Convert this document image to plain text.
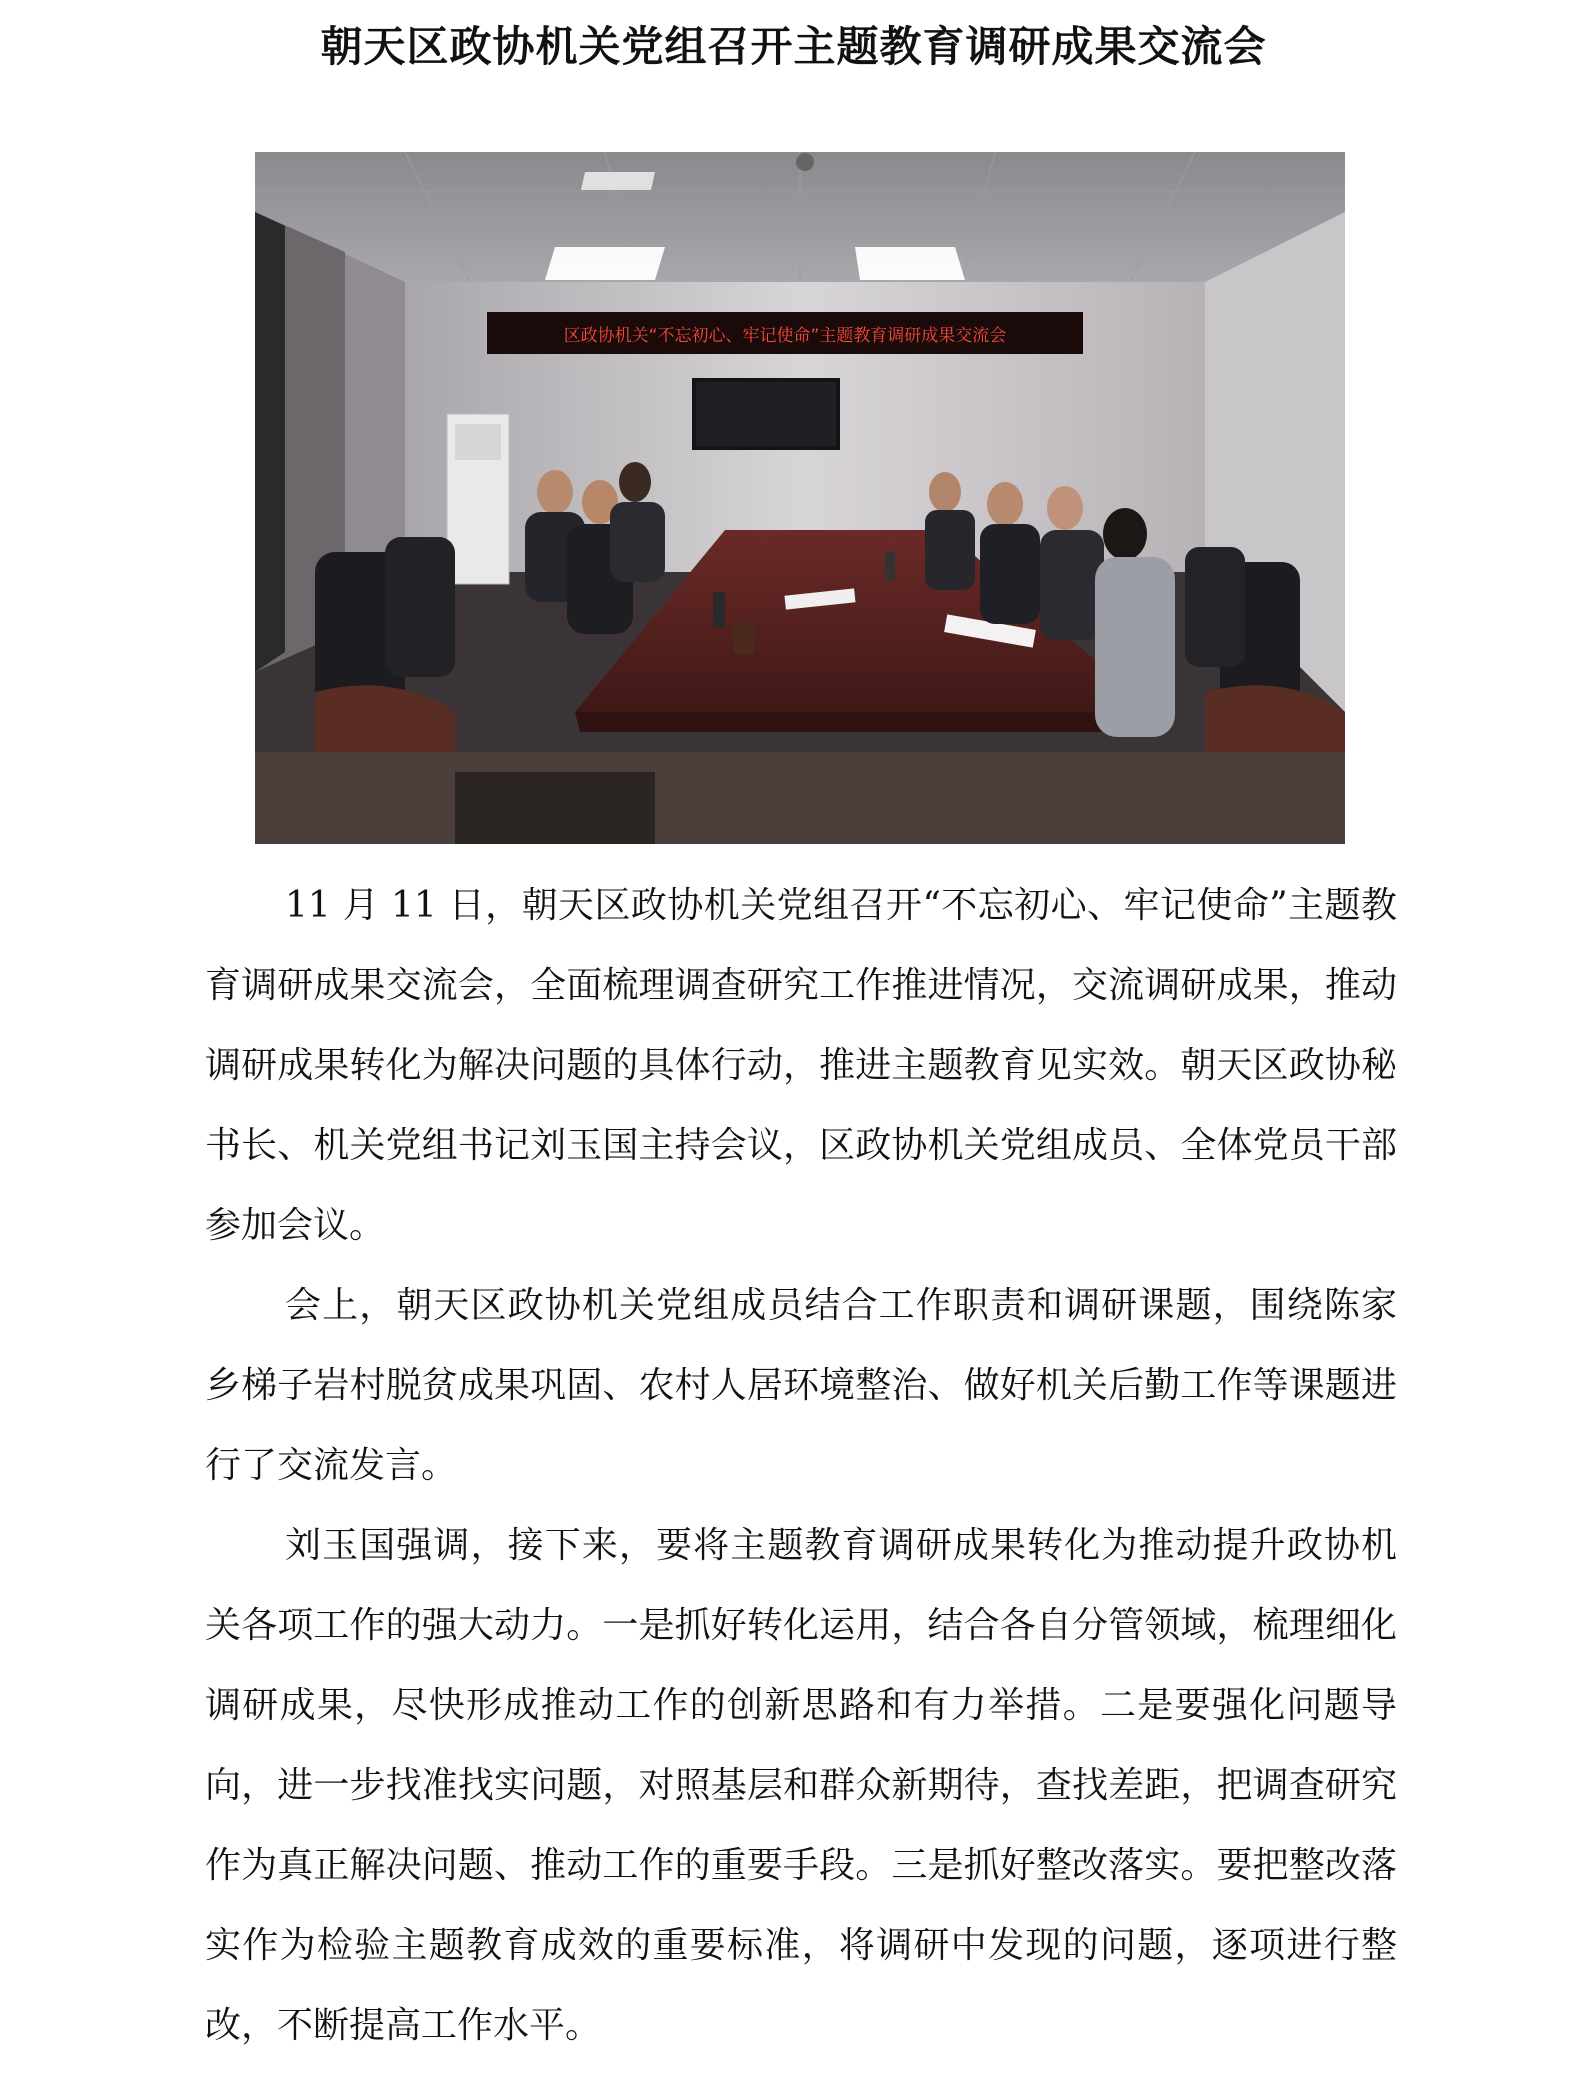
朝天区政协机关党组召开主题教育调研成果交流会
区政协机关“不忘初心、牢记使命”主题教育调研成果交流会

11 月 11 日，朝天区政协机关党组召开“不忘初心、牢记使命”主题教育调研成果交流会，全面梳理调查研究工作推进情况，交流调研成果，推动调研成果转化为解决问题的具体行动，推进主题教育见实效。朝天区政协秘书长、机关党组书记刘玉国主持会议，区政协机关党组成员、全体党员干部参加会议。

会上，朝天区政协机关党组成员结合工作职责和调研课题，围绕陈家乡梯子岩村脱贫成果巩固、农村人居环境整治、做好机关后勤工作等课题进行了交流发言。

刘玉国强调，接下来，要将主题教育调研成果转化为推动提升政协机关各项工作的强大动力。一是抓好转化运用，结合各自分管领域，梳理细化调研成果，尽快形成推动工作的创新思路和有力举措。二是要强化问题导向，进一步找准找实问题，对照基层和群众新期待，查找差距，把调查研究作为真正解决问题、推动工作的重要手段。三是抓好整改落实。要把整改落实作为检验主题教育成效的重要标准，将调研中发现的问题，逐项进行整改，不断提高工作水平。
